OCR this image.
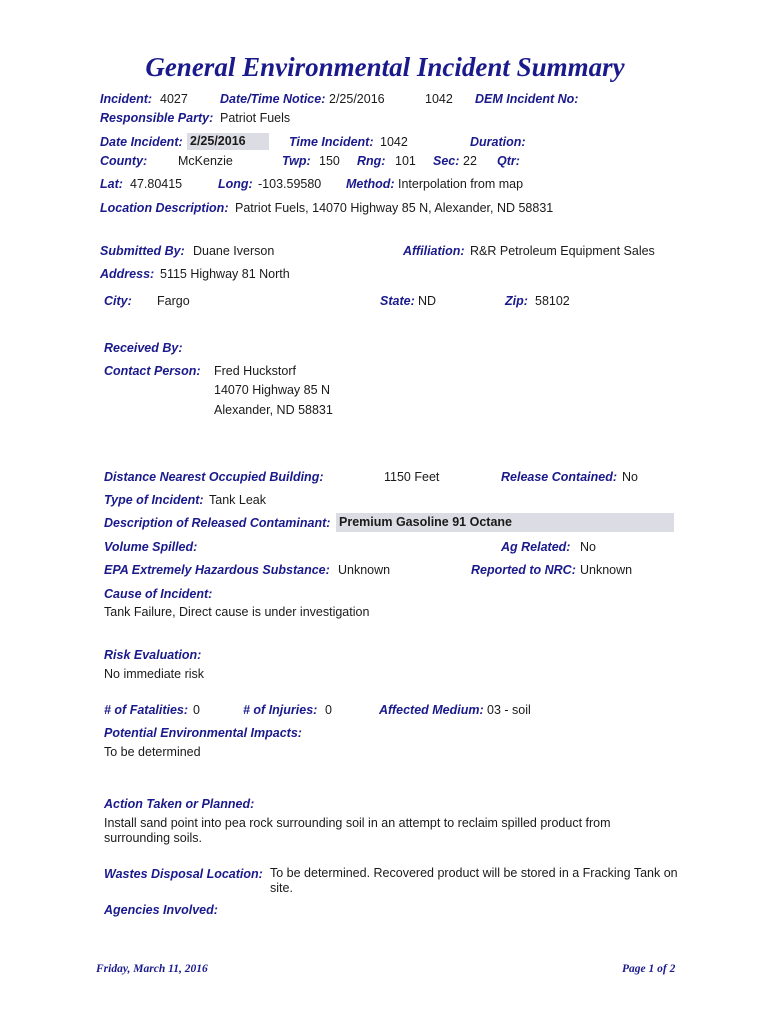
General Environmental Incident Summary
Incident: 4027	Date/Time Notice: 2/25/2016	1042 DEM Incident No:
Responsible Party: Patriot Fuels
Date Incident: 2/25/2016	Time Incident: 1042	Duration:
County: McKenzie	Twp: 150 Rng: 101 Sec: 22 Qtr:
Lat: 47.80415	Long: -103.59580 Method: Interpolation from map
Location Description: Patriot Fuels, 14070 Highway 85 N, Alexander, ND 58831
Submitted By: Duane Iverson	Affiliation: R&R Petroleum Equipment Sales
Address: 5115 Highway 81 North
City: Fargo	State: ND	Zip: 58102
Received By:
Contact Person: Fred Huckstorf
14070 Highway 85 N
Alexander, ND 58831
Distance Nearest Occupied Building:	1150 Feet	Release Contained: No
Type of Incident: Tank Leak
Description of Released Contaminant: Premium Gasoline 91 Octane
Volume Spilled:	Ag Related: No
EPA Extremely Hazardous Substance: Unknown	Reported to NRC: Unknown
Cause of Incident:
Tank Failure, Direct cause is under investigation
Risk Evaluation:
No immediate risk
# of Fatalities: 0	# of Injuries: 0	Affected Medium: 03 - soil
Potential Environmental Impacts:
To be determined
Action Taken or Planned:
Install sand point into pea rock surrounding soil in an attempt to reclaim spilled product from surrounding soils.
Wastes Disposal Location: To be determined. Recovered product will be stored in a Fracking Tank on site.
Agencies Involved:
Friday, March 11, 2016	Page 1 of 2
